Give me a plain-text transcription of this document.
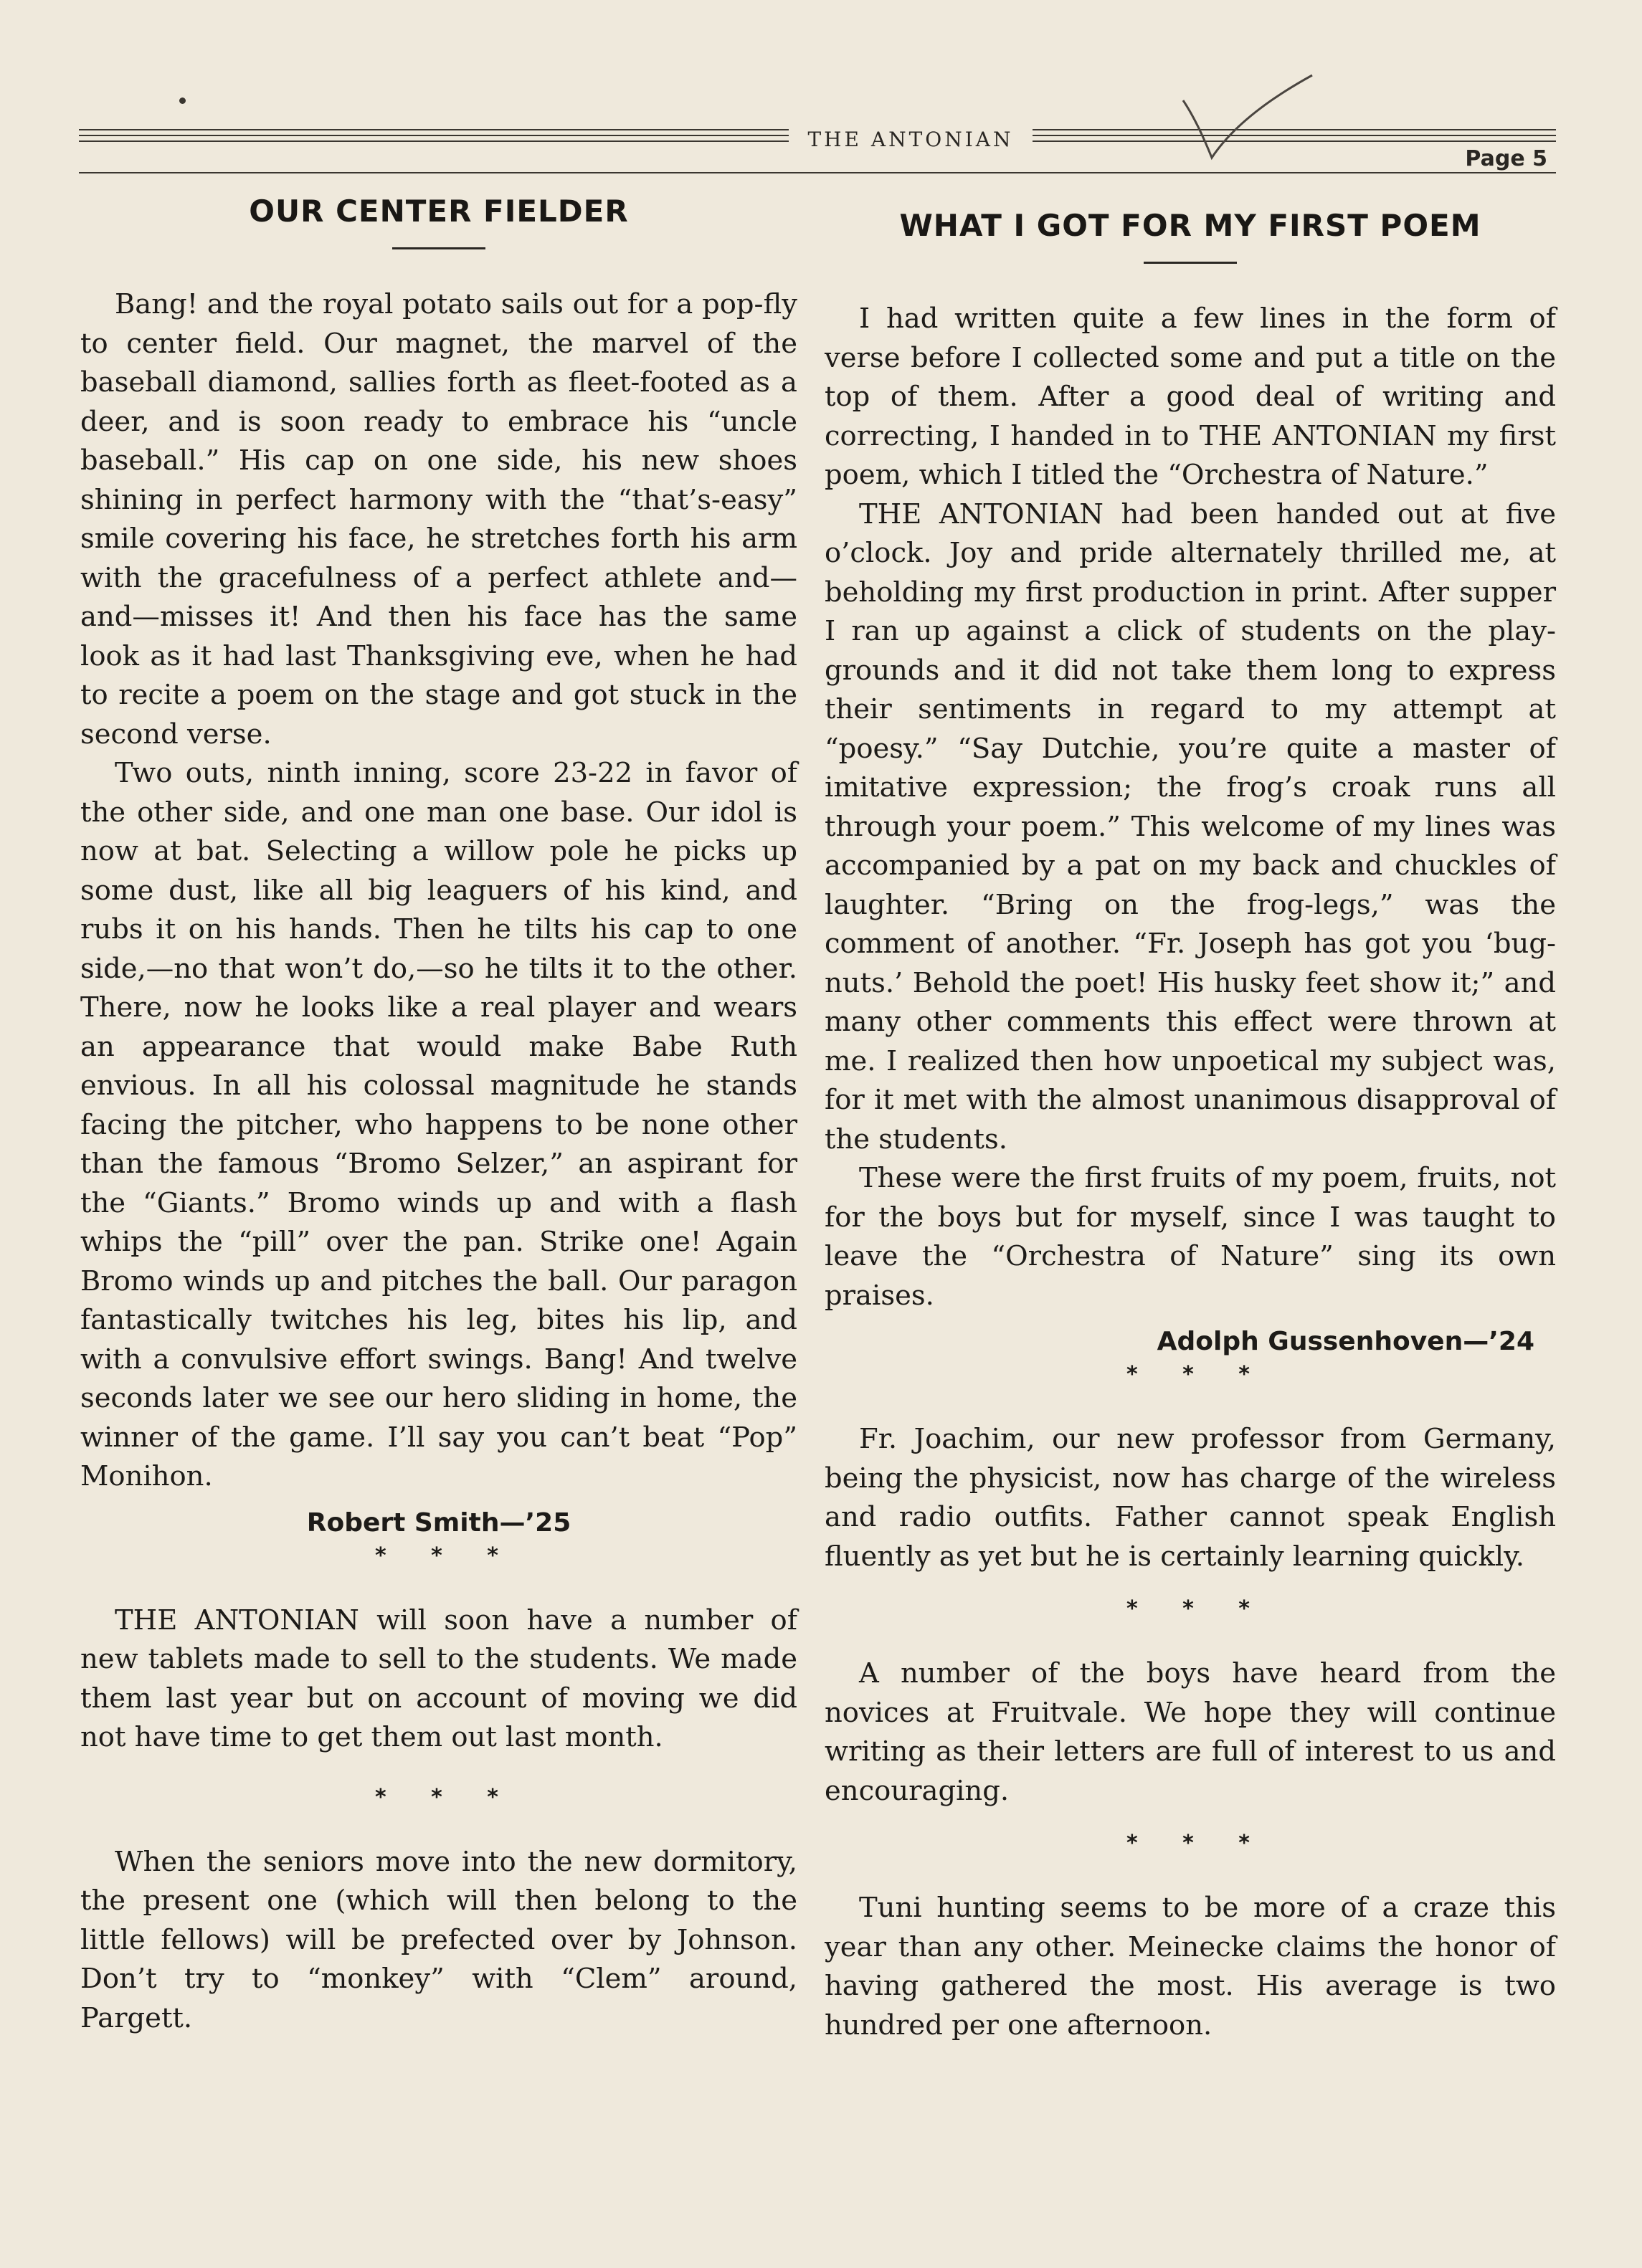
THE ANTONIAN
Page 5
OUR CENTER FIELDER

Bang! and the royal potato sails out for a pop-fly to center field. Our magnet, the marvel of the baseball diamond, sallies forth as fleet-footed as a deer, and is soon ready to embrace his “uncle baseball.” His cap on one side, his new shoes shining in perfect harmony with the “that’s-easy” smile covering his face, he stretches forth his arm with the gracefulness of a perfect athlete and—and—misses it! And then his face has the same look as it had last Thanksgiving eve, when he had to recite a poem on the stage and got stuck in the second verse.

Two outs, ninth inning, score 23-22 in favor of the other side, and one man one base. Our idol is now at bat. Selecting a willow pole he picks up some dust, like all big leaguers of his kind, and rubs it on his hands. Then he tilts his cap to one side,—no that won’t do,—so he tilts it to the other. There, now he looks like a real player and wears an appearance that would make Babe Ruth envious. In all his colossal magnitude he stands facing the pitcher, who happens to be none other than the famous “Bromo Selzer,” an aspirant for the “Giants.” Bromo winds up and with a flash whips the “pill” over the pan. Strike one! Again Bromo winds up and pitches the ball. Our paragon fantastically twitches his leg, bites his lip, and with a convulsive effort swings. Bang! And twelve seconds later we see our hero sliding in home, the winner of the game. I’ll say you can’t beat “Pop” Monihon.

Robert Smith—’25
* * *

THE ANTONIAN will soon have a number of new tablets made to sell to the students. We made them last year but on account of moving we did not have time to get them out last month.

* * *

When the seniors move into the new dormitory, the present one (which will then belong to the little fellows) will be prefected over by Johnson. Don’t try to “monkey” with “Clem” around, Pargett.

WHAT I GOT FOR MY FIRST POEM

I had written quite a few lines in the form of verse before I collected some and put a title on the top of them. After a good deal of writing and correcting, I handed in to THE ANTONIAN my first poem, which I titled the “Orchestra of Nature.”

THE ANTONIAN had been handed out at five o’clock. Joy and pride alternately thrilled me, at beholding my first production in print. After supper I ran up against a click of students on the play-grounds and it did not take them long to express their sentiments in regard to my attempt at “poesy.” “Say Dutchie, you’re quite a master of imitative expression; the frog’s croak runs all through your poem.” This welcome of my lines was accompanied by a pat on my back and chuckles of laughter. “Bring on the frog-legs,” was the comment of another. “Fr. Joseph has got you ‘bug-nuts.’ Behold the poet! His husky feet show it;” and many other comments this effect were thrown at me. I realized then how unpoetical my subject was, for it met with the almost unanimous disapproval of the students.

These were the first fruits of my poem, fruits, not for the boys but for myself, since I was taught to leave the “Orchestra of Nature” sing its own praises.

Adolph Gussenhoven—’24
* * *

Fr. Joachim, our new professor from Germany, being the physicist, now has charge of the wireless and radio outfits. Father cannot speak English fluently as yet but he is certainly learning quickly.

* * *

A number of the boys have heard from the novices at Fruitvale. We hope they will continue writing as their letters are full of interest to us and encouraging.

* * *

Tuni hunting seems to be more of a craze this year than any other. Meinecke claims the honor of having gathered the most. His average is two hundred per one afternoon.
